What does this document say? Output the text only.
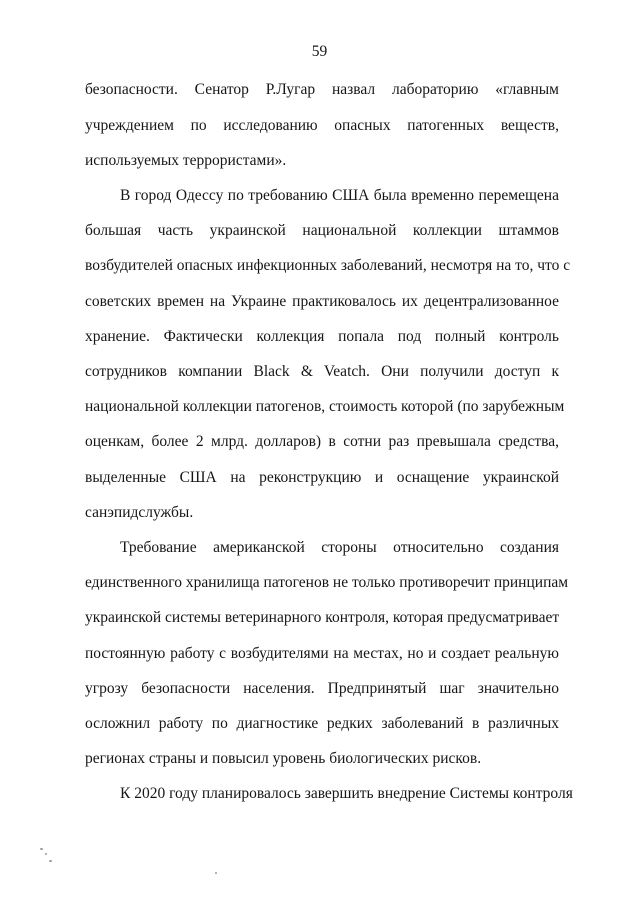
59
безопасности. Сенатор Р.Лугар назвал лабораторию «главным
учреждением по исследованию опасных патогенных веществ,
используемых террористами».
В город Одессу по требованию США была временно перемещена
большая часть украинской национальной коллекции штаммов
возбудителей опасных инфекционных заболеваний, несмотря на то, что с
советских времен на Украине практиковалось их децентрализованное
хранение. Фактически коллекция попала под полный контроль
сотрудников компании Black & Veatch. Они получили доступ к
национальной коллекции патогенов, стоимость которой (по зарубежным
оценкам, более 2 млрд. долларов) в сотни раз превышала средства,
выделенные США на реконструкцию и оснащение украинской
санэпидслужбы.
Требование американской стороны относительно создания
единственного хранилища патогенов не только противоречит принципам
украинской системы ветеринарного контроля, которая предусматривает
постоянную работу с возбудителями на местах, но и создает реальную
угрозу безопасности населения. Предпринятый шаг значительно
осложнил работу по диагностике редких заболеваний в различных
регионах страны и повысил уровень биологических рисков.
К 2020 году планировалось завершить внедрение Системы контроля
